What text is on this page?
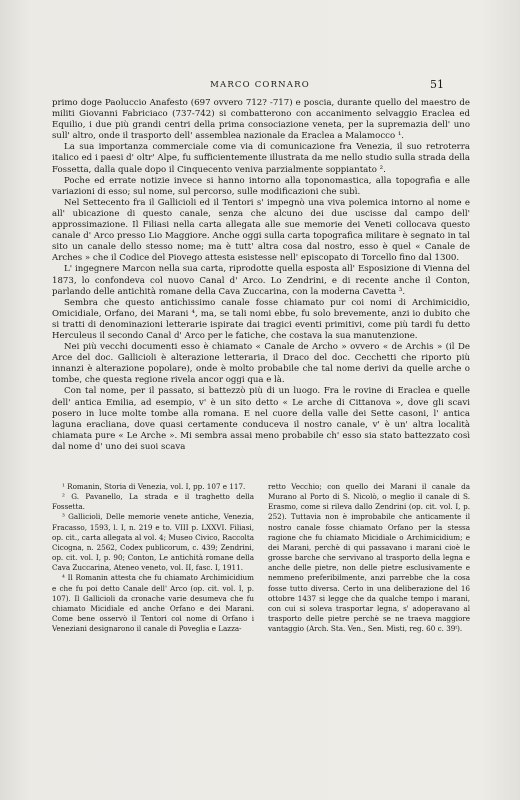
MARCO CORNARO	51

primo doge Paoluccio Anafesto (697 ovvero 712? -717) e poscia, durante quello del maestro de militi Giovanni Fabriciaco (737-742) si combatterono con accanimento selvaggio Eraclea ed Equilio, i due più grandi centri della prima consociazione veneta, per la supremazia dell' uno sull' altro, onde il trasporto dell' assemblea nazionale da Eraclea a Malamocco ¹.

La sua importanza commerciale come via di comunicazione fra Venezia, il suo retroterra italico ed i paesi d' oltr' Alpe, fu sufficientemente illustrata da me nello studio sulla strada della Fossetta, dalla quale dopo il Cinquecento veniva parzialmente soppiantato ².

Poche ed errate notizie invece si hanno intorno alla toponomastica, alla topografia e alle variazioni di esso; sul nome, sul percorso, sulle modificazioni che subì.

Nel Settecento fra il Gallicioli ed il Tentori s' impegnò una viva polemica intorno al nome e all' ubicazione di questo canale, senza che alcuno dei due uscisse dal campo dell' approssimazione. Il Filiasi nella carta allegata alle sue memorie dei Veneti collocava questo canale d' Arco presso Lio Maggiore. Anche oggi sulla carta topografica militare è segnato in tal sito un canale dello stesso nome; ma è tutt' altra cosa dal nostro, esso è quel « Canale de Arches » che il Codice del Piovego attesta esistesse nell' episcopato di Torcello fino dal 1300.

L' ingegnere Marcon nella sua carta, riprodotte quella esposta all' Esposizione di Vienna del 1873, lo confondeva col nuovo Canal d' Arco. Lo Zendrini, e di recente anche il Conton, parlando delle antichità romane della Cava Zuccarina, con la moderna Cavetta ³.

Sembra che questo antichissimo canale fosse chiamato pur coi nomi di Archimicidio, Omicidiale, Orfano, dei Marani ⁴, ma, se tali nomi ebbe, fu solo brevemente, anzi io dubito che si tratti di denominazioni letterarie ispirate dai tragici eventi primitivi, come più tardi fu detto Herculeus il secondo Canal d' Arco per le fatiche, che costava la sua manutenzione.

Nei più vecchi documenti esso è chiamato « Canale de Archo » ovvero « de Archis » (il De Arce del doc. Gallicioli è alterazione letteraria, il Draco del doc. Cecchetti che riporto più innanzi è alterazione popolare), onde è molto probabile che tal nome derivi da quelle arche o tombe, che questa regione rivela ancor oggi qua e là.

Con tal nome, per il passato, si battezzò più di un luogo. Fra le rovine di Eraclea e quelle dell' antica Emilia, ad esempio, v' è un sito detto « Le arche di Cittanova », dove gli scavi posero in luce molte tombe alla romana. E nel cuore della valle dei Sette casoni, l' antica laguna eracliana, dove quasi certamente conduceva il nostro canale, v' è un' altra località chiamata pure « Le Arche ». Mi sembra assai meno probabile ch' esso sia stato battezzato così dal nome d' uno dei suoi scava

¹ Romanin, Storia di Venezia, vol. I, pp. 107 e 117.

² G. Pavanello, La strada e il traghetto della Fossetta.

³ Gallicioli, Delle memorie venete antiche, Venezia, Fracasso, 1593, l. I, n. 219 e to. VIII p. LXXVI. Filiasi, op. cit., carta allegata al vol. 4; Museo Civico, Raccolta Cicogna, n. 2562, Codex publicorum, c. 439; Zendrini, op. cit. vol. I, p. 90; Conton, Le antichità romane della Cava Zuccarina, Ateneo veneto, vol. II, fasc. I, 1911.

⁴ Il Romanin attesta che fu chiamato Archimicidium e che fu poi detto Canale dell' Arco (op. cit. vol. I, p. 107). Il Gallicioli da cronache varie desumeva che fu chiamato Micidiale ed anche Orfano e dei Marani. Come bene osservò il Tentori col nome di Orfano i Veneziani designarono il canale di Poveglia e Lazza-

retto Vecchio; con quello dei Marani il canale da Murano al Porto di S. Nicolò, o meglio il canale di S. Erasmo, come si rileva dallo Zendrini (op. cit. vol. I, p. 252). Tuttavia non è improbabile che anticamente il nostro canale fosse chiamato Orfano per la stessa ragione che fu chiamato Micidiale o Archimicidium; e dei Marani, perchè di qui passavano i marani cioè le grosse barche che servivano al trasporto della legna e anche delle pietre, non delle pietre esclusivamente e nemmeno preferibilmente, anzi parrebbe che la cosa fosse tutto diversa. Certo in una deliberazione del 16 ottobre 1437 si legge che da qualche tempo i marani, con cui si soleva trasportar legna, s' adoperavano al trasporto delle pietre perchè se ne traeva maggiore vantaggio (Arch. Sta. Ven., Sen. Misti, reg. 60 c. 39ᵗ).
